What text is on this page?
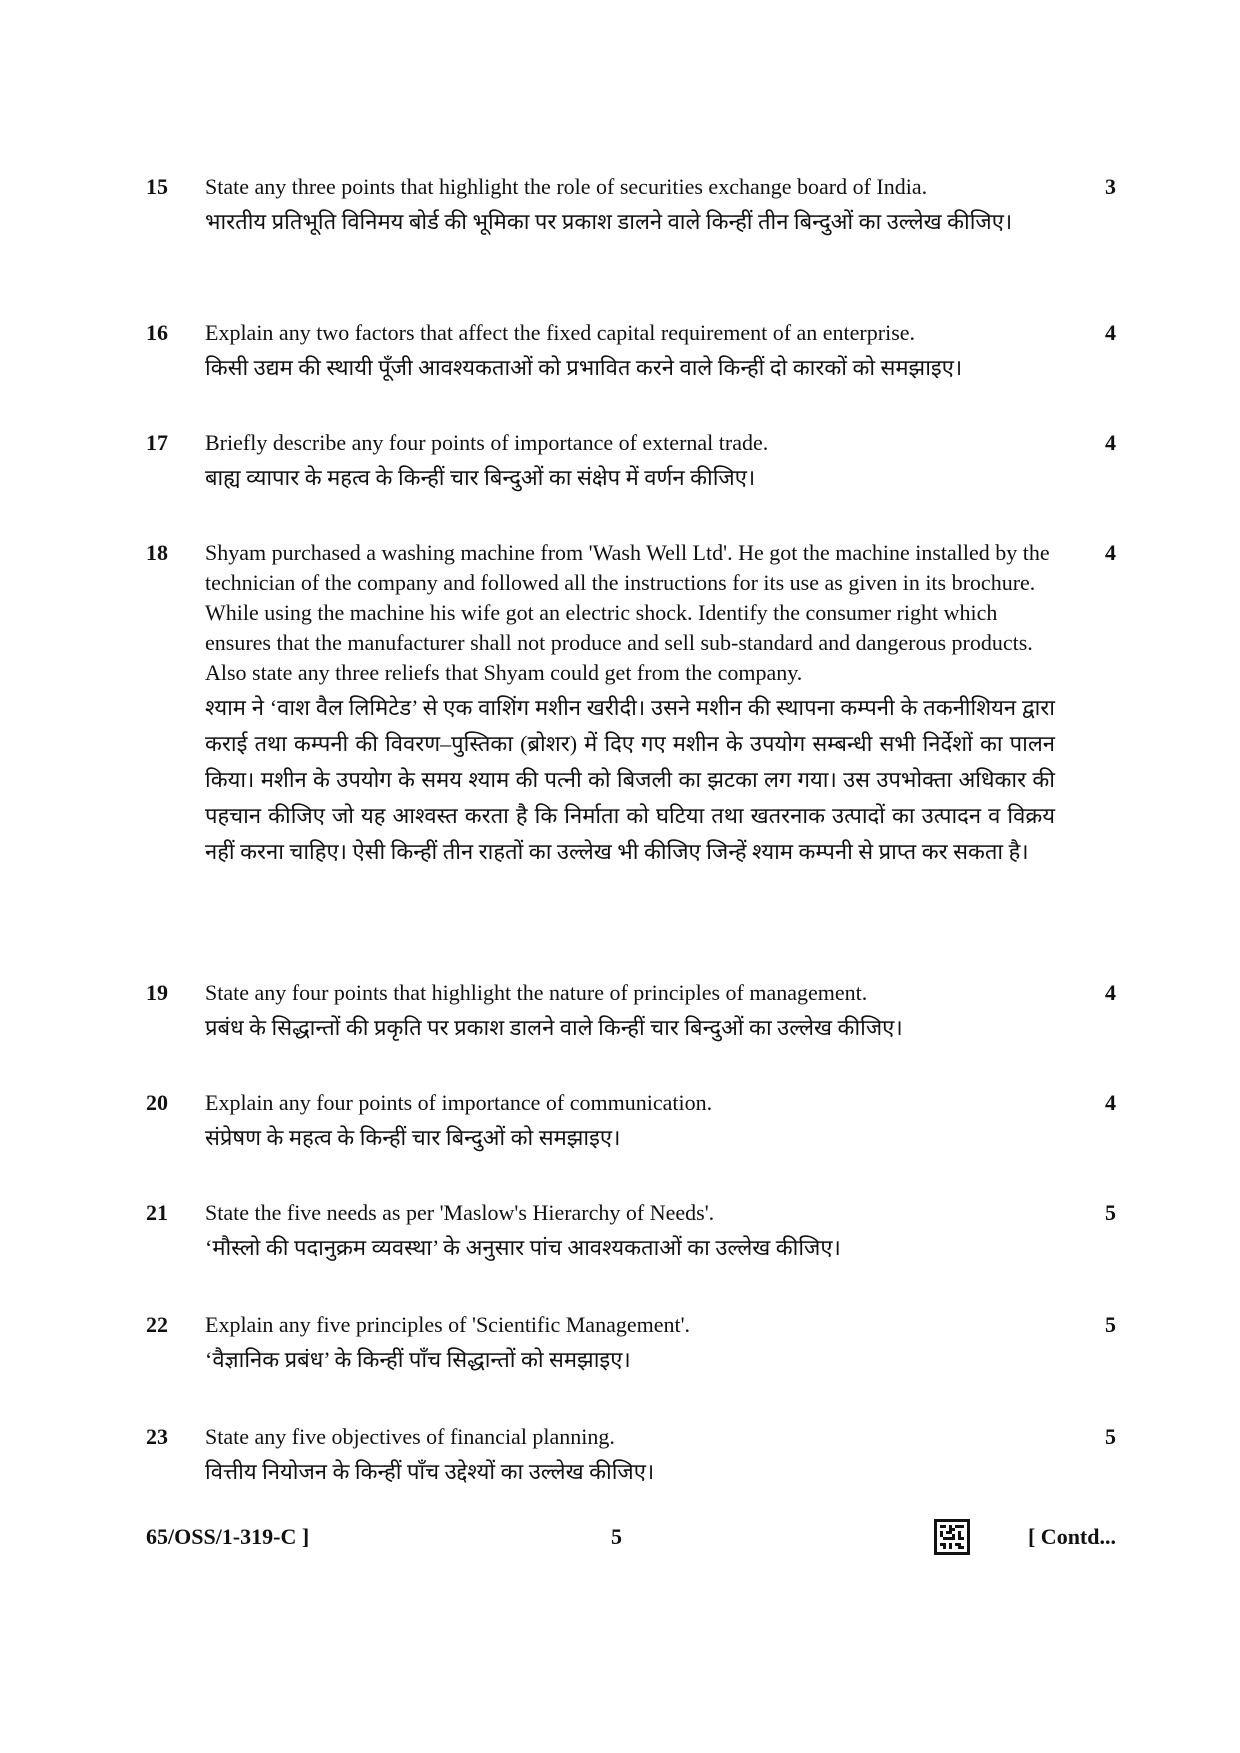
15	State any three points that highlight the role of securities exchange board of India.

भारतीय प्रतिभूति विनिमय बोर्ड की भूमिका पर प्रकाश डालने वाले किन्हीं तीन बिन्दुओं का उल्लेख कीजिए।

3
16	Explain any two factors that affect the fixed capital requirement of an enterprise.

किसी उद्यम की स्थायी पूँजी आवश्यकताओं को प्रभावित करने वाले किन्हीं दो कारकों को समझाइए।

4
17	Briefly describe any four points of importance of external trade.

बाह्य व्यापार के महत्व के किन्हीं चार बिन्दुओं का संक्षेप में वर्णन कीजिए।

4
18	Shyam purchased a washing machine from 'Wash Well Ltd'. He got the machine installed by the technician of the company and followed all the instructions for its use as given in its brochure. While using the machine his wife got an electric shock. Identify the consumer right which ensures that the manufacturer shall not produce and sell sub-standard and dangerous products. Also state any three reliefs that Shyam could get from the company.

श्याम ने ‘वाश वैल लिमिटेड’ से एक वाशिंग मशीन खरीदी। उसने मशीन की स्थापना कम्पनी के तकनीशियन द्वारा कराई तथा कम्पनी की विवरण–पुस्तिका (ब्रोशर) में दिए गए मशीन के उपयोग सम्बन्धी सभी निर्देशों का पालन किया। मशीन के उपयोग के समय श्याम की पत्नी को बिजली का झटका लग गया। उस उपभोक्ता अधिकार की पहचान कीजिए जो यह आश्वस्त करता है कि निर्माता को घटिया तथा खतरनाक उत्पादों का उत्पादन व विक्रय नहीं करना चाहिए। ऐसी किन्हीं तीन राहतों का उल्लेख भी कीजिए जिन्हें श्याम कम्पनी से प्राप्त कर सकता है।

4
19	State any four points that highlight the nature of principles of management.

प्रबंध के सिद्धान्तों की प्रकृति पर प्रकाश डालने वाले किन्हीं चार बिन्दुओं का उल्लेख कीजिए।

4
20	Explain any four points of importance of communication.

संप्रेषण के महत्व के किन्हीं चार बिन्दुओं को समझाइए।

4
21	State the five needs as per 'Maslow's Hierarchy of Needs'.

‘मौस्लो की पदानुक्रम व्यवस्था’ के अनुसार पांच आवश्यकताओं का उल्लेख कीजिए।

5
22	Explain any five principles of 'Scientific Management'.

‘वैज्ञानिक प्रबंध’ के किन्हीं पाँच सिद्धान्तों को समझाइए।

5
23	State any five objectives of financial planning.

वित्तीय नियोजन के किन्हीं पाँच उद्देश्यों का उल्लेख कीजिए।

5
65/OSS/1-319-C ]	5	[ Contd...
